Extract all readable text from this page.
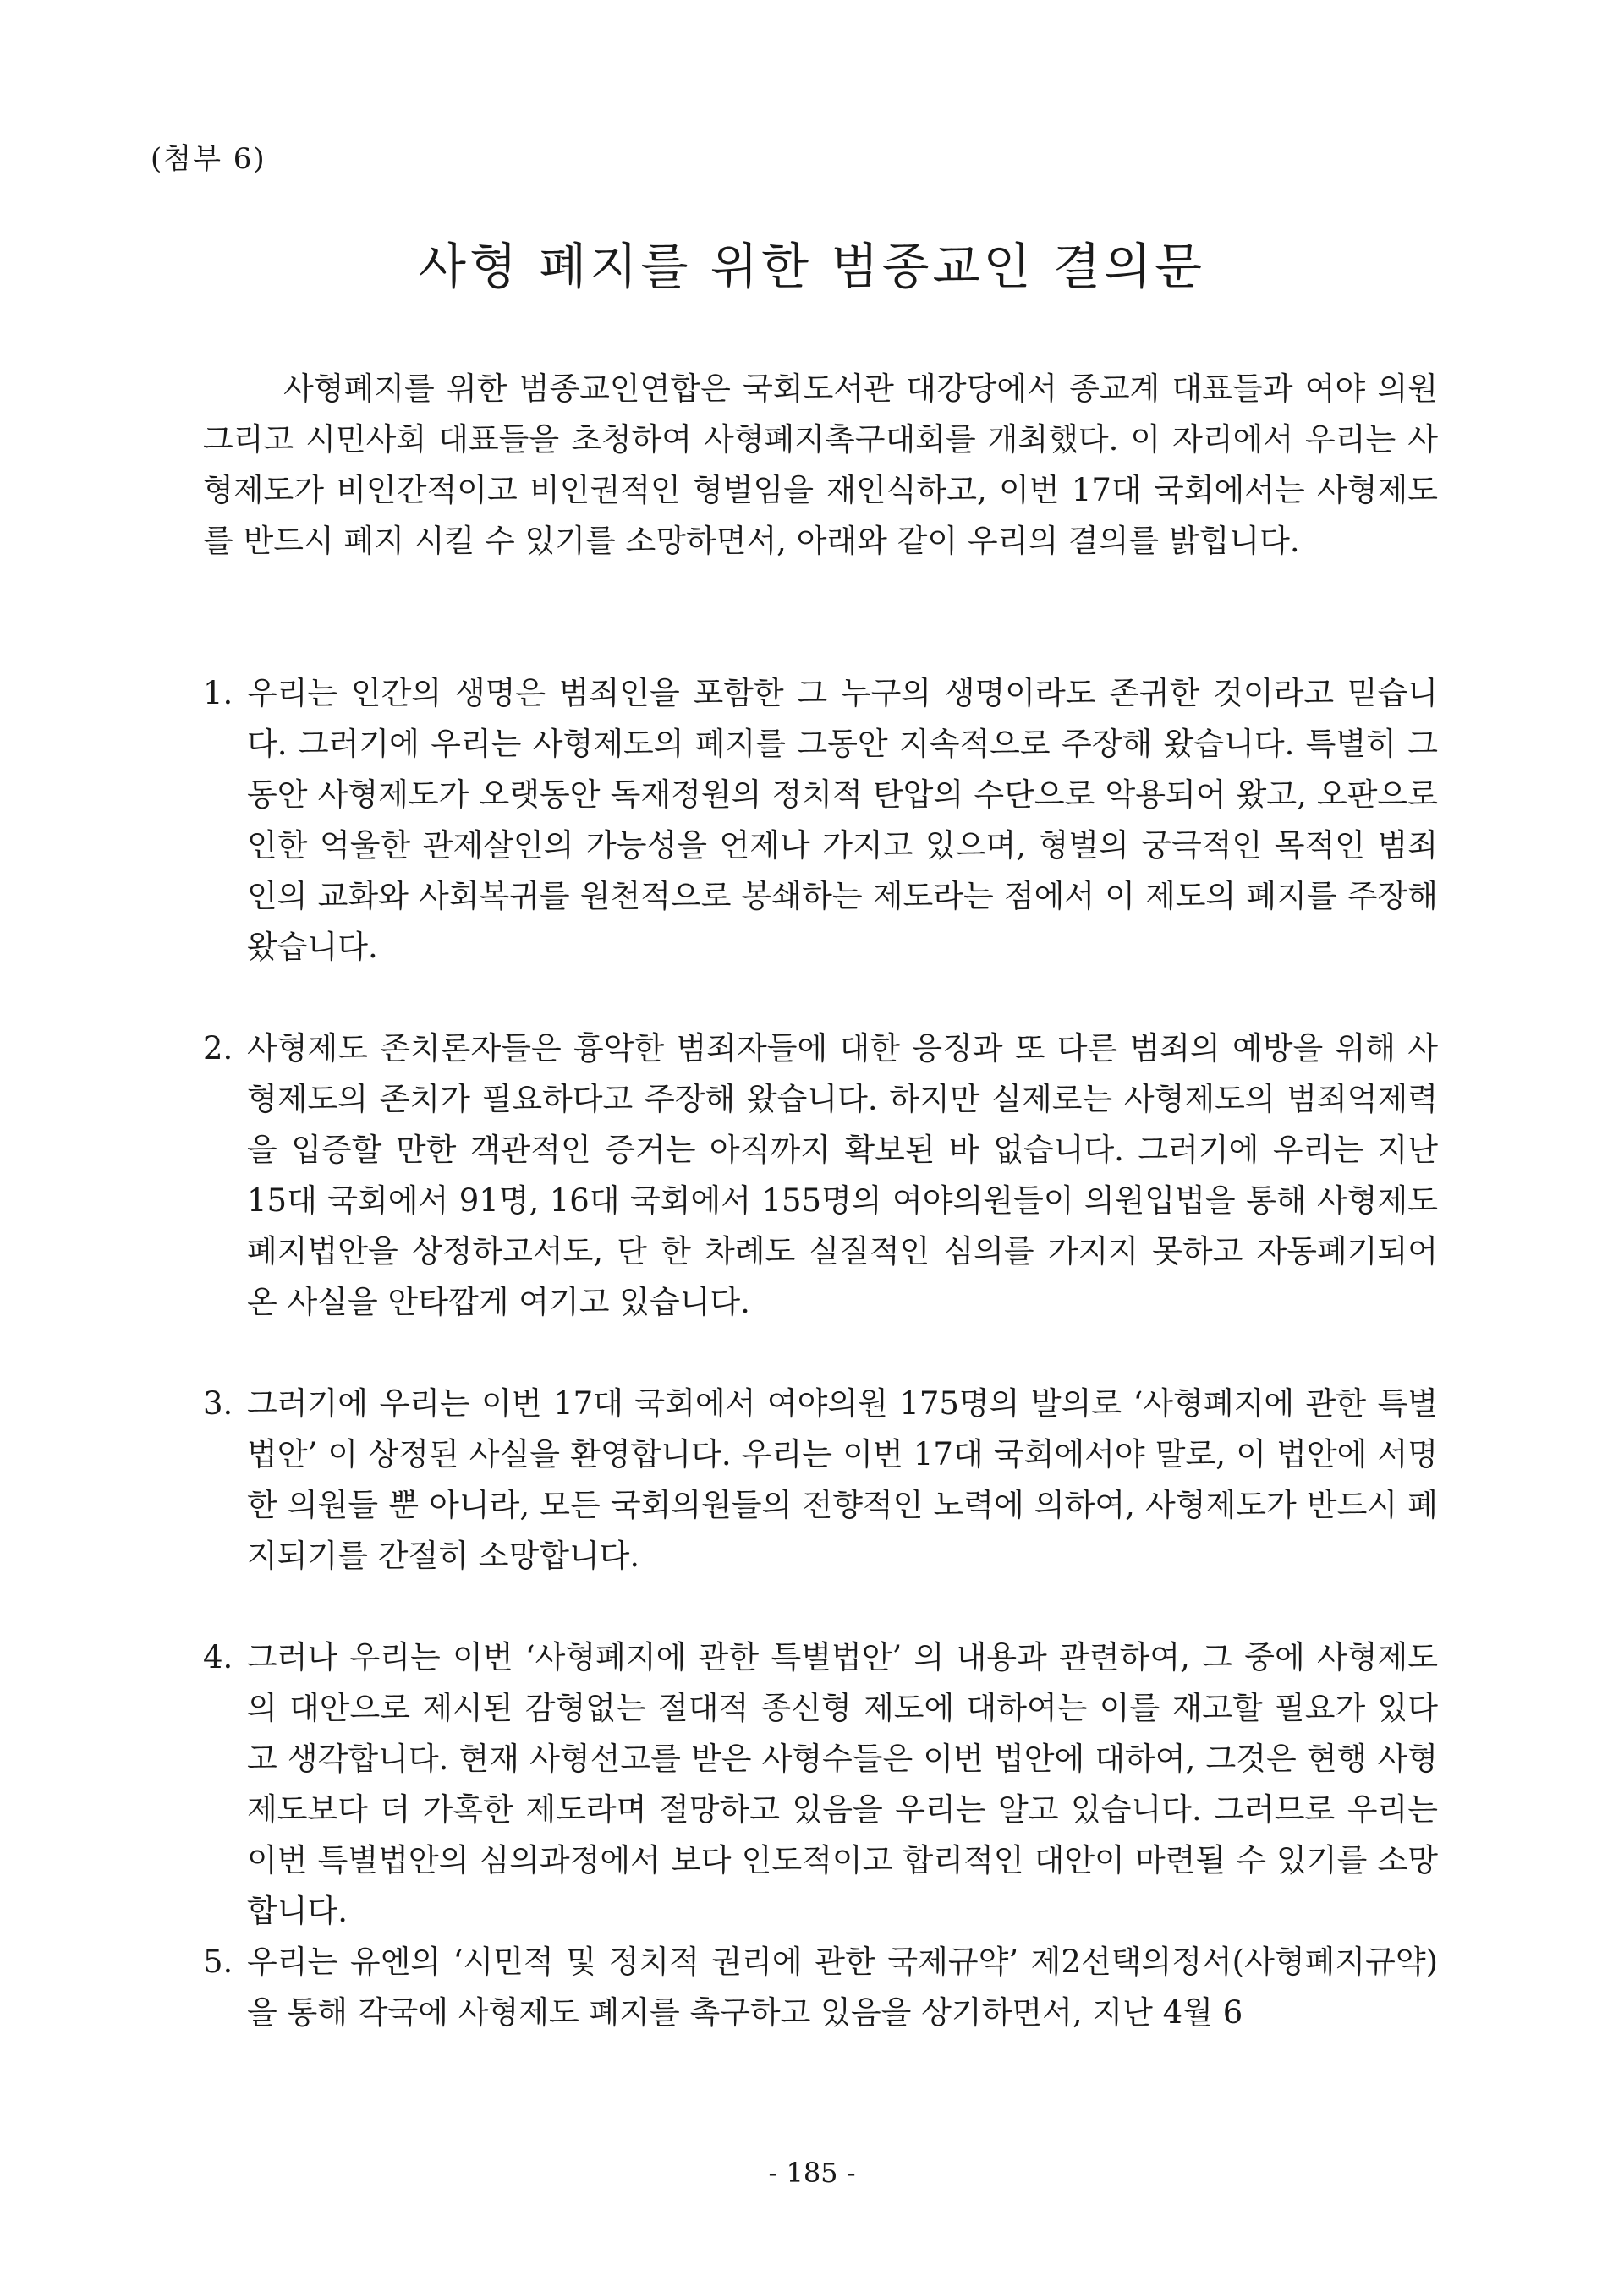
(첨부 6)
사형 폐지를 위한 범종교인 결의문

사형폐지를 위한 범종교인연합은 국회도서관 대강당에서 종교계 대표들과 여야 의원 그리고 시민사회 대표들을 초청하여 사형폐지촉구대회를 개최했다. 이 자리에서 우리는 사형제도가 비인간적이고 비인권적인 형벌임을 재인식하고, 이번 17대 국회에서는 사형제도를 반드시 폐지 시킬 수 있기를 소망하면서, 아래와 같이 우리의 결의를 밝힙니다.

1. 우리는 인간의 생명은 범죄인을 포함한 그 누구의 생명이라도 존귀한 것이라고 믿습니다. 그러기에 우리는 사형제도의 폐지를 그동안 지속적으로 주장해 왔습니다. 특별히 그동안 사형제도가 오랫동안 독재정원의 정치적 탄압의 수단으로 악용되어 왔고, 오판으로 인한 억울한 관제살인의 가능성을 언제나 가지고 있으며, 형벌의 궁극적인 목적인 범죄인의 교화와 사회복귀를 원천적으로 봉쇄하는 제도라는 점에서 이 제도의 폐지를 주장해 왔습니다.
2. 사형제도 존치론자들은 흉악한 범죄자들에 대한 응징과 또 다른 범죄의 예방을 위해 사형제도의 존치가 필요하다고 주장해 왔습니다. 하지만 실제로는 사형제도의 범죄억제력을 입증할 만한 객관적인 증거는 아직까지 확보된 바 없습니다. 그러기에 우리는 지난 15대 국회에서 91명, 16대 국회에서 155명의 여야의원들이 의원입법을 통해 사형제도폐지법안을 상정하고서도, 단 한 차례도 실질적인 심의를 가지지 못하고 자동폐기되어 온 사실을 안타깝게 여기고 있습니다.
3. 그러기에 우리는 이번 17대 국회에서 여야의원 175명의 발의로 ‘사형폐지에 관한 특별법안’ 이 상정된 사실을 환영합니다. 우리는 이번 17대 국회에서야 말로, 이 법안에 서명한 의원들 뿐 아니라, 모든 국회의원들의 전향적인 노력에 의하여, 사형제도가 반드시 폐지되기를 간절히 소망합니다.
4. 그러나 우리는 이번 ‘사형폐지에 관한 특별법안’ 의 내용과 관련하여, 그 중에 사형제도의 대안으로 제시된 감형없는 절대적 종신형 제도에 대하여는 이를 재고할 필요가 있다고 생각합니다. 현재 사형선고를 받은 사형수들은 이번 법안에 대하여, 그것은 현행 사형제도보다 더 가혹한 제도라며 절망하고 있음을 우리는 알고 있습니다. 그러므로 우리는 이번 특별법안의 심의과정에서 보다 인도적이고 합리적인 대안이 마련될 수 있기를 소망합니다.
5. 우리는 유엔의 ‘시민적 및 정치적 권리에 관한 국제규약’ 제2선택의정서(사형폐지규약)을 통해 각국에 사형제도 폐지를 촉구하고 있음을 상기하면서, 지난 4월 6
- 185 -
